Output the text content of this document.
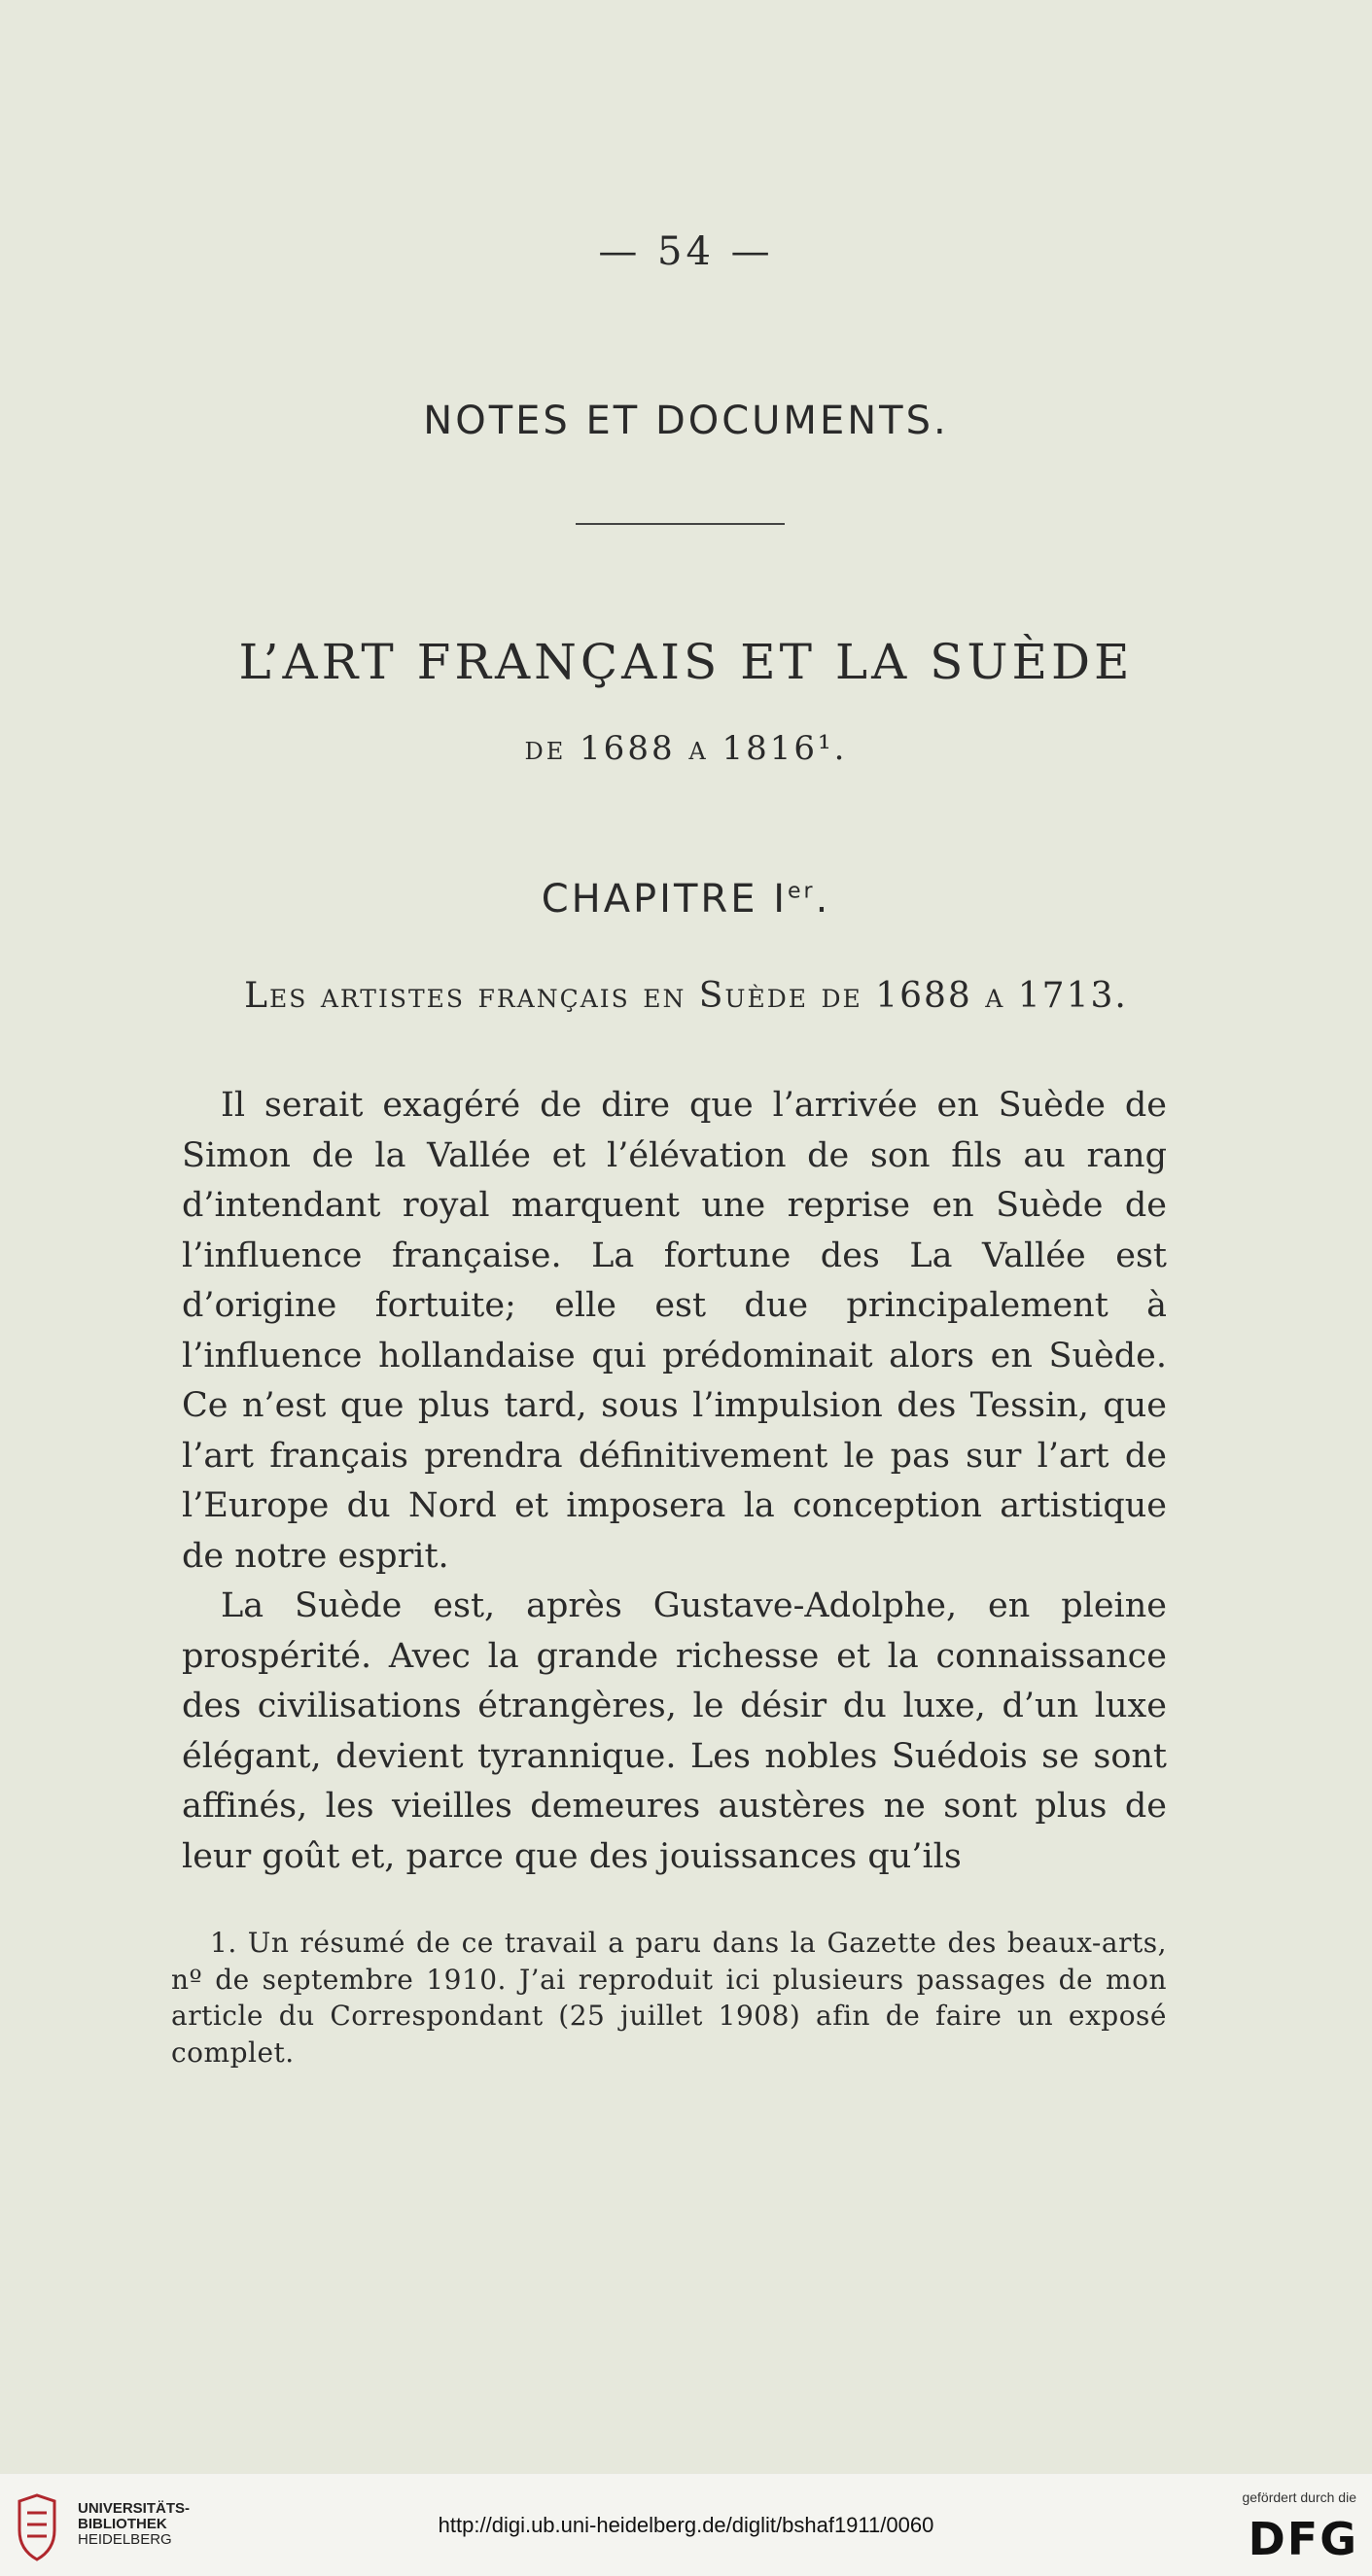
— 54 —
NOTES ET DOCUMENTS.
L’ART FRANÇAIS ET LA SUÈDE
de 1688 a 1816¹.
CHAPITRE Ier.
Les artistes français en Suède de 1688 a 1713.

Il serait exagéré de dire que l’arrivée en Suède de Simon de la Vallée et l’élévation de son fils au rang d’intendant royal marquent une reprise en Suède de l’influence française. La fortune des La Vallée est d’origine fortuite; elle est due principalement à l’influence hollandaise qui prédominait alors en Suède. Ce n’est que plus tard, sous l’impulsion des Tessin, que l’art français prendra définitivement le pas sur l’art de l’Europe du Nord et imposera la conception artistique de notre esprit.

La Suède est, après Gustave-Adolphe, en pleine prospérité. Avec la grande richesse et la connaissance des civilisations étrangères, le désir du luxe, d’un luxe élégant, devient tyrannique. Les nobles Suédois se sont affinés, les vieilles demeures austères ne sont plus de leur goût et, parce que des jouissances qu’ils

1. Un résumé de ce travail a paru dans la Gazette des beaux-arts, nº de septembre 1910. J’ai reproduit ici plusieurs passages de mon article du Correspondant (25 juillet 1908) afin de faire un exposé complet.

UNIVERSITÄTS-
BIBLIOTHEK
HEIDELBERG
http://digi.ub.uni-heidelberg.de/diglit/bshaf1911/0060
gefördert durch die
DFG
